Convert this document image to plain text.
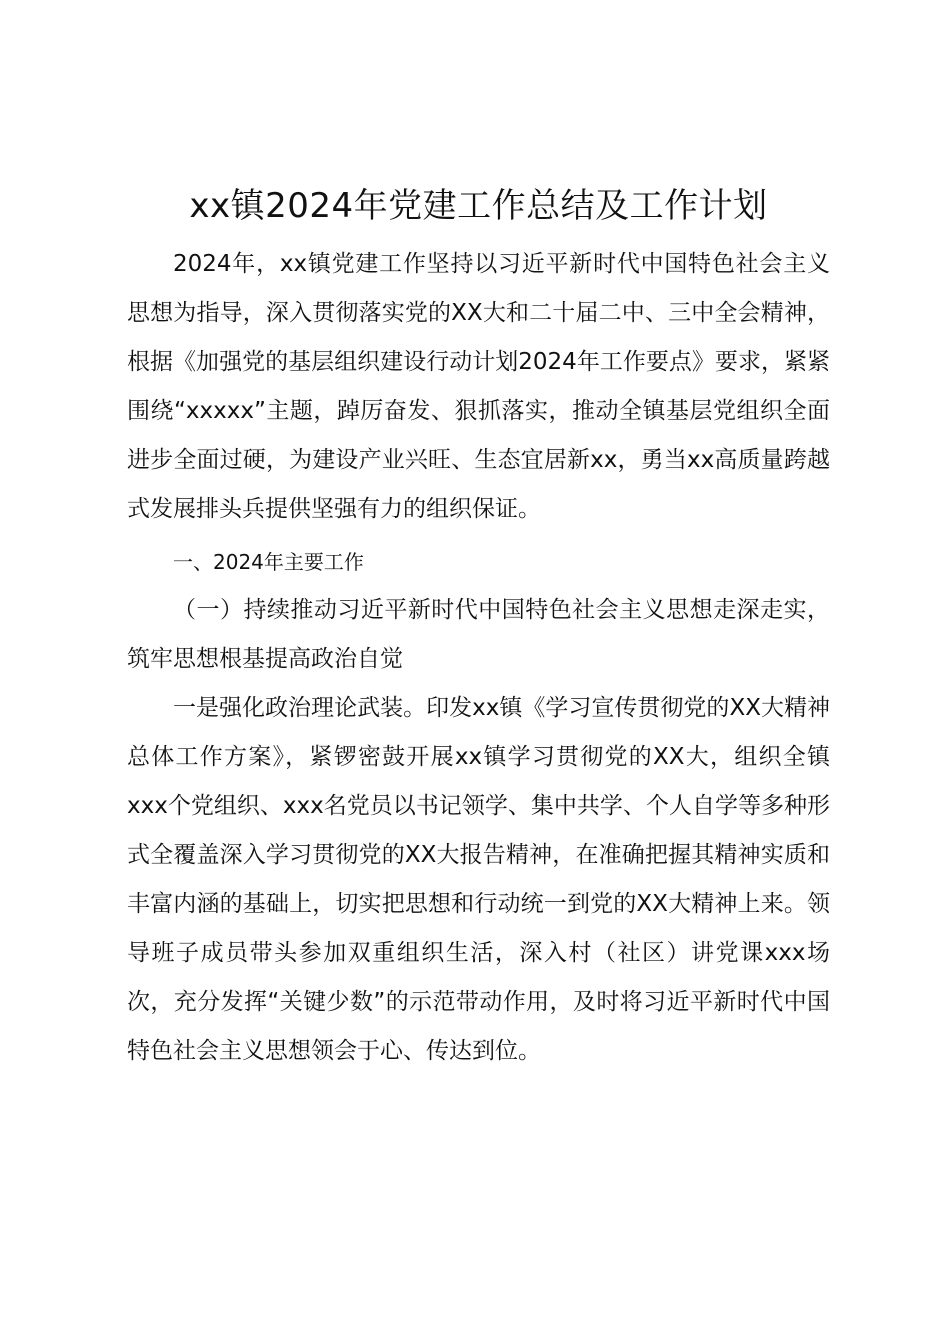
xx镇2024年党建工作总结及工作计划

2024年，xx镇党建工作坚持以习近平新时代中国特色社会主义思想为指导，深入贯彻落实党的XX大和二十届二中、三中全会精神，根据《加强党的基层组织建设行动计划2024年工作要点》要求，紧紧围绕“xxxxx”主题，踔厉奋发、狠抓落实，推动全镇基层党组织全面进步全面过硬，为建设产业兴旺、生态宜居新xx，勇当xx高质量跨越式发展排头兵提供坚强有力的组织保证。

一、2024年主要工作

（一）持续推动习近平新时代中国特色社会主义思想走深走实，筑牢思想根基提高政治自觉

一是强化政治理论武装。印发xx镇《学习宣传贯彻党的XX大精神总体工作方案》，紧锣密鼓开展xx镇学习贯彻党的XX大，组织全镇xxx个党组织、xxx名党员以书记领学、集中共学、个人自学等多种形式全覆盖深入学习贯彻党的XX大报告精神，在准确把握其精神实质和丰富内涵的基础上，切实把思想和行动统一到党的XX大精神上来。领导班子成员带头参加双重组织生活，深入村（社区）讲党课xxx场次，充分发挥“关键少数”的示范带动作用，及时将习近平新时代中国特色社会主义思想领会于心、传达到位。
